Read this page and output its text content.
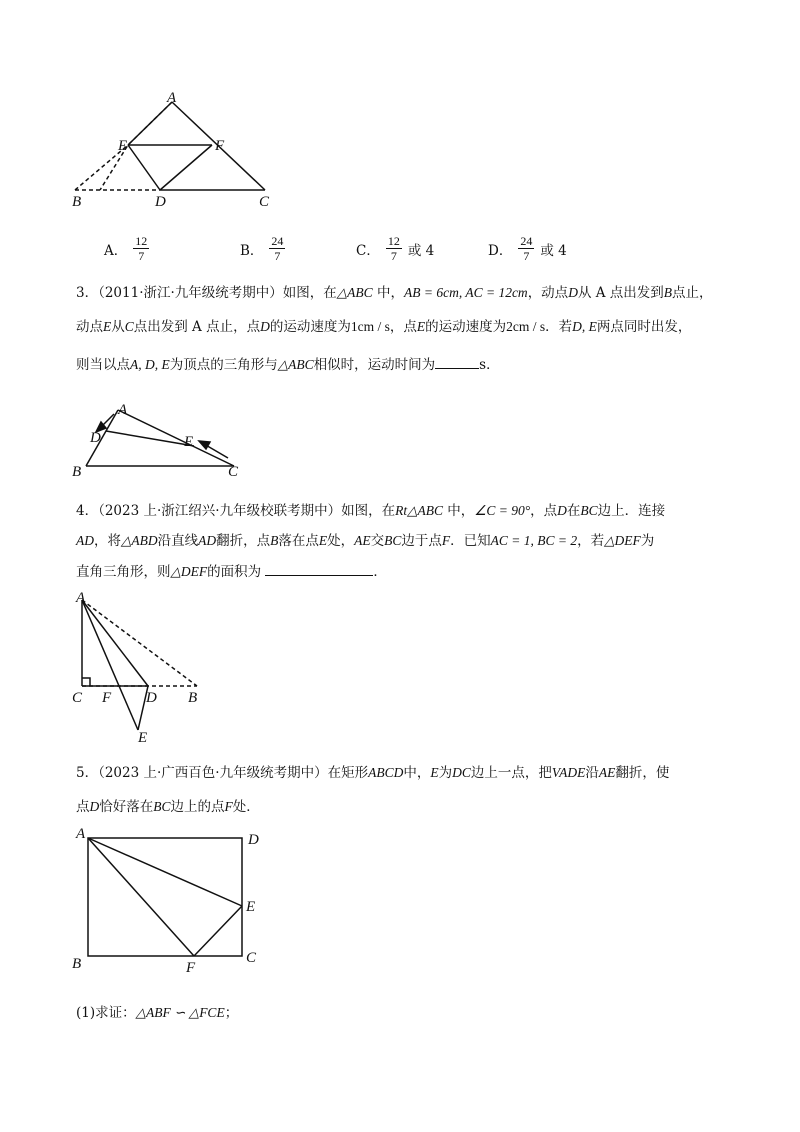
A
E	F
B	D	C
A． $\frac{12}{7}$	B． $\frac{24}{7}$	C． $\frac{12}{7}$ 或 4	D． $\frac{24}{7}$ 或 4
3．（2011·浙江·九年级统考期中）如图，在△ABC 中，AB = 6cm, AC = 12cm，动点D从 A 点出发到B点止，
动点E从C点出发到 A 点止，点D的运动速度为1cm / s，点E的运动速度为2cm / s．若D, E两点同时出发，
则当以点A, D, E为顶点的三角形与△ABC相似时，运动时间为	s．
A
D	E
B	C
4．（2023 上·浙江绍兴·九年级校联考期中）如图，在Rt△ABC 中，∠C = 90°，点D在BC边上．连接
AD，将△ABD沿直线AD翻折，点B落在点E处，AE交BC边于点F．已知AC = 1, BC = 2，若△DEF为
直角三角形，则△DEF的面积为	．
A
C F D B
E
5．（2023 上·广西百色·九年级统考期中）在矩形ABCD中，E为DC边上一点，把VADE沿AE翻折，使
点D恰好落在BC边上的点F处．
A	D
E
B	F
C
(1)求证：△ABF ∽ △FCE；
